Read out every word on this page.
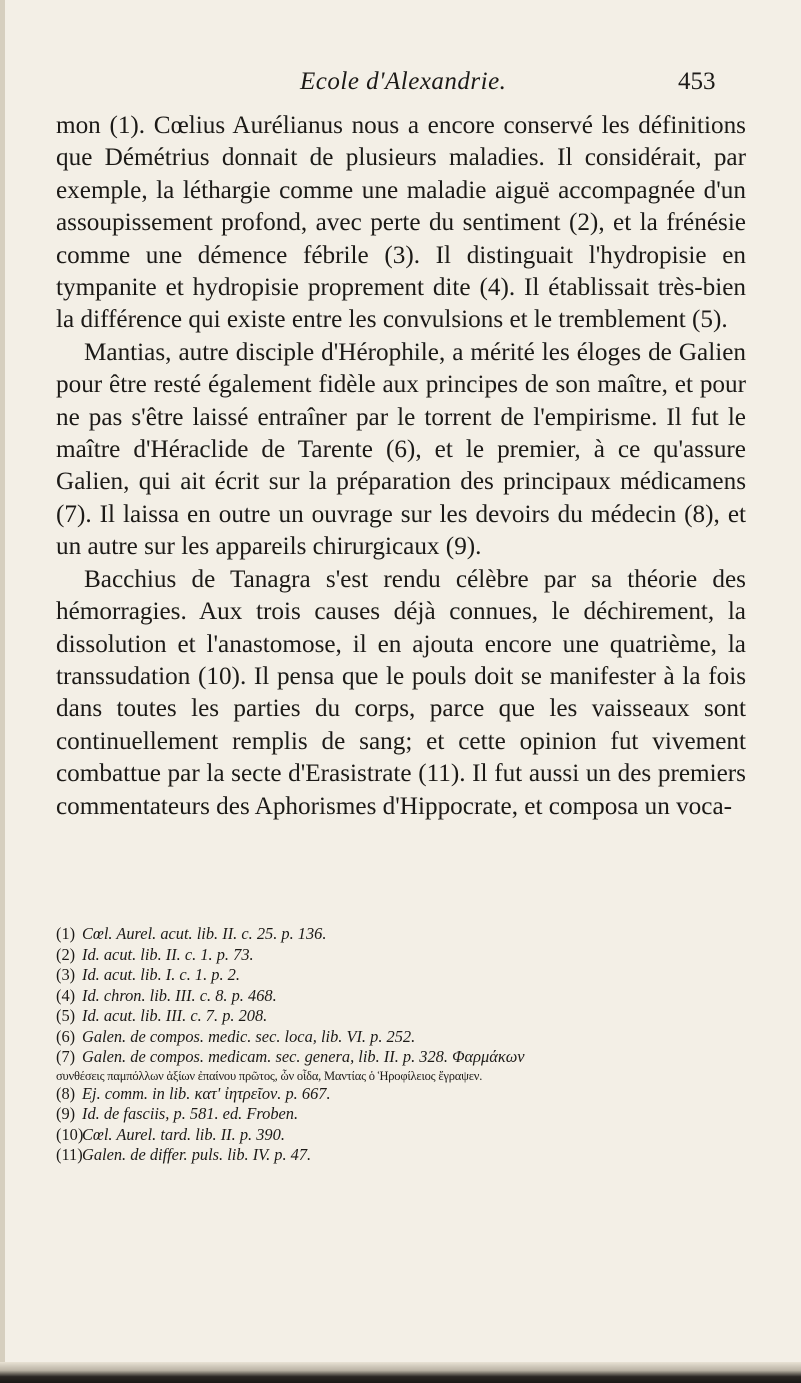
Ecole d'Alexandrie.	453

mon (1). Cœlius Aurélianus nous a encore conservé les définitions que Démétrius donnait de plusieurs maladies. Il considérait, par exemple, la léthargie comme une maladie aiguë accompagnée d'un assoupissement profond, avec perte du sentiment (2), et la frénésie comme une démence fébrile (3). Il distinguait l'hydropisie en tympanite et hydropisie proprement dite (4). Il établissait très-bien la différence qui existe entre les convulsions et le tremblement (5).

Mantias, autre disciple d'Hérophile, a mérité les éloges de Galien pour être resté également fidèle aux principes de son maître, et pour ne pas s'être laissé entraîner par le torrent de l'empirisme. Il fut le maître d'Héraclide de Tarente (6), et le premier, à ce qu'assure Galien, qui ait écrit sur la préparation des principaux médicamens (7). Il laissa en outre un ouvrage sur les devoirs du médecin (8), et un autre sur les appareils chirurgicaux (9).

Bacchius de Tanagra s'est rendu célèbre par sa théorie des hémorragies. Aux trois causes déjà connues, le déchirement, la dissolution et l'anastomose, il en ajouta encore une quatrième, la transsudation (10). Il pensa que le pouls doit se manifester à la fois dans toutes les parties du corps, parce que les vaisseaux sont continuellement remplis de sang; et cette opinion fut vivement combattue par la secte d'Erasistrate (11). Il fut aussi un des premiers commentateurs des Aphorismes d'Hippocrate, et composa un voca-

(1) Cœl. Aurel. acut. lib. II. c. 25. p. 136.
(2) Id. acut. lib. II. c. 1. p. 73.
(3) Id. acut. lib. I. c. 1. p. 2.
(4) Id. chron. lib. III. c. 8. p. 468.
(5) Id. acut. lib. III. c. 7. p. 208.
(6) Galen. de compos. medic. sec. loca, lib. VI. p. 252.
(7) Galen. de compos. medicam. sec. genera, lib. II. p. 328. Φαρμάκων
συνθέσεις παμπόλλων ἀξίων ἐπαίνου πρῶτος, ὧν οἶδα, Μαντίας ὁ Ἡροφίλειος ἔγραψεν.
(8) Ej. comm. in lib. κατ' ἰητρεῖον. p. 667.
(9) Id. de fasciis, p. 581. ed. Froben.
(10)Cœl. Aurel. tard. lib. II. p. 390.
(11)Galen. de differ. puls. lib. IV. p. 47.
